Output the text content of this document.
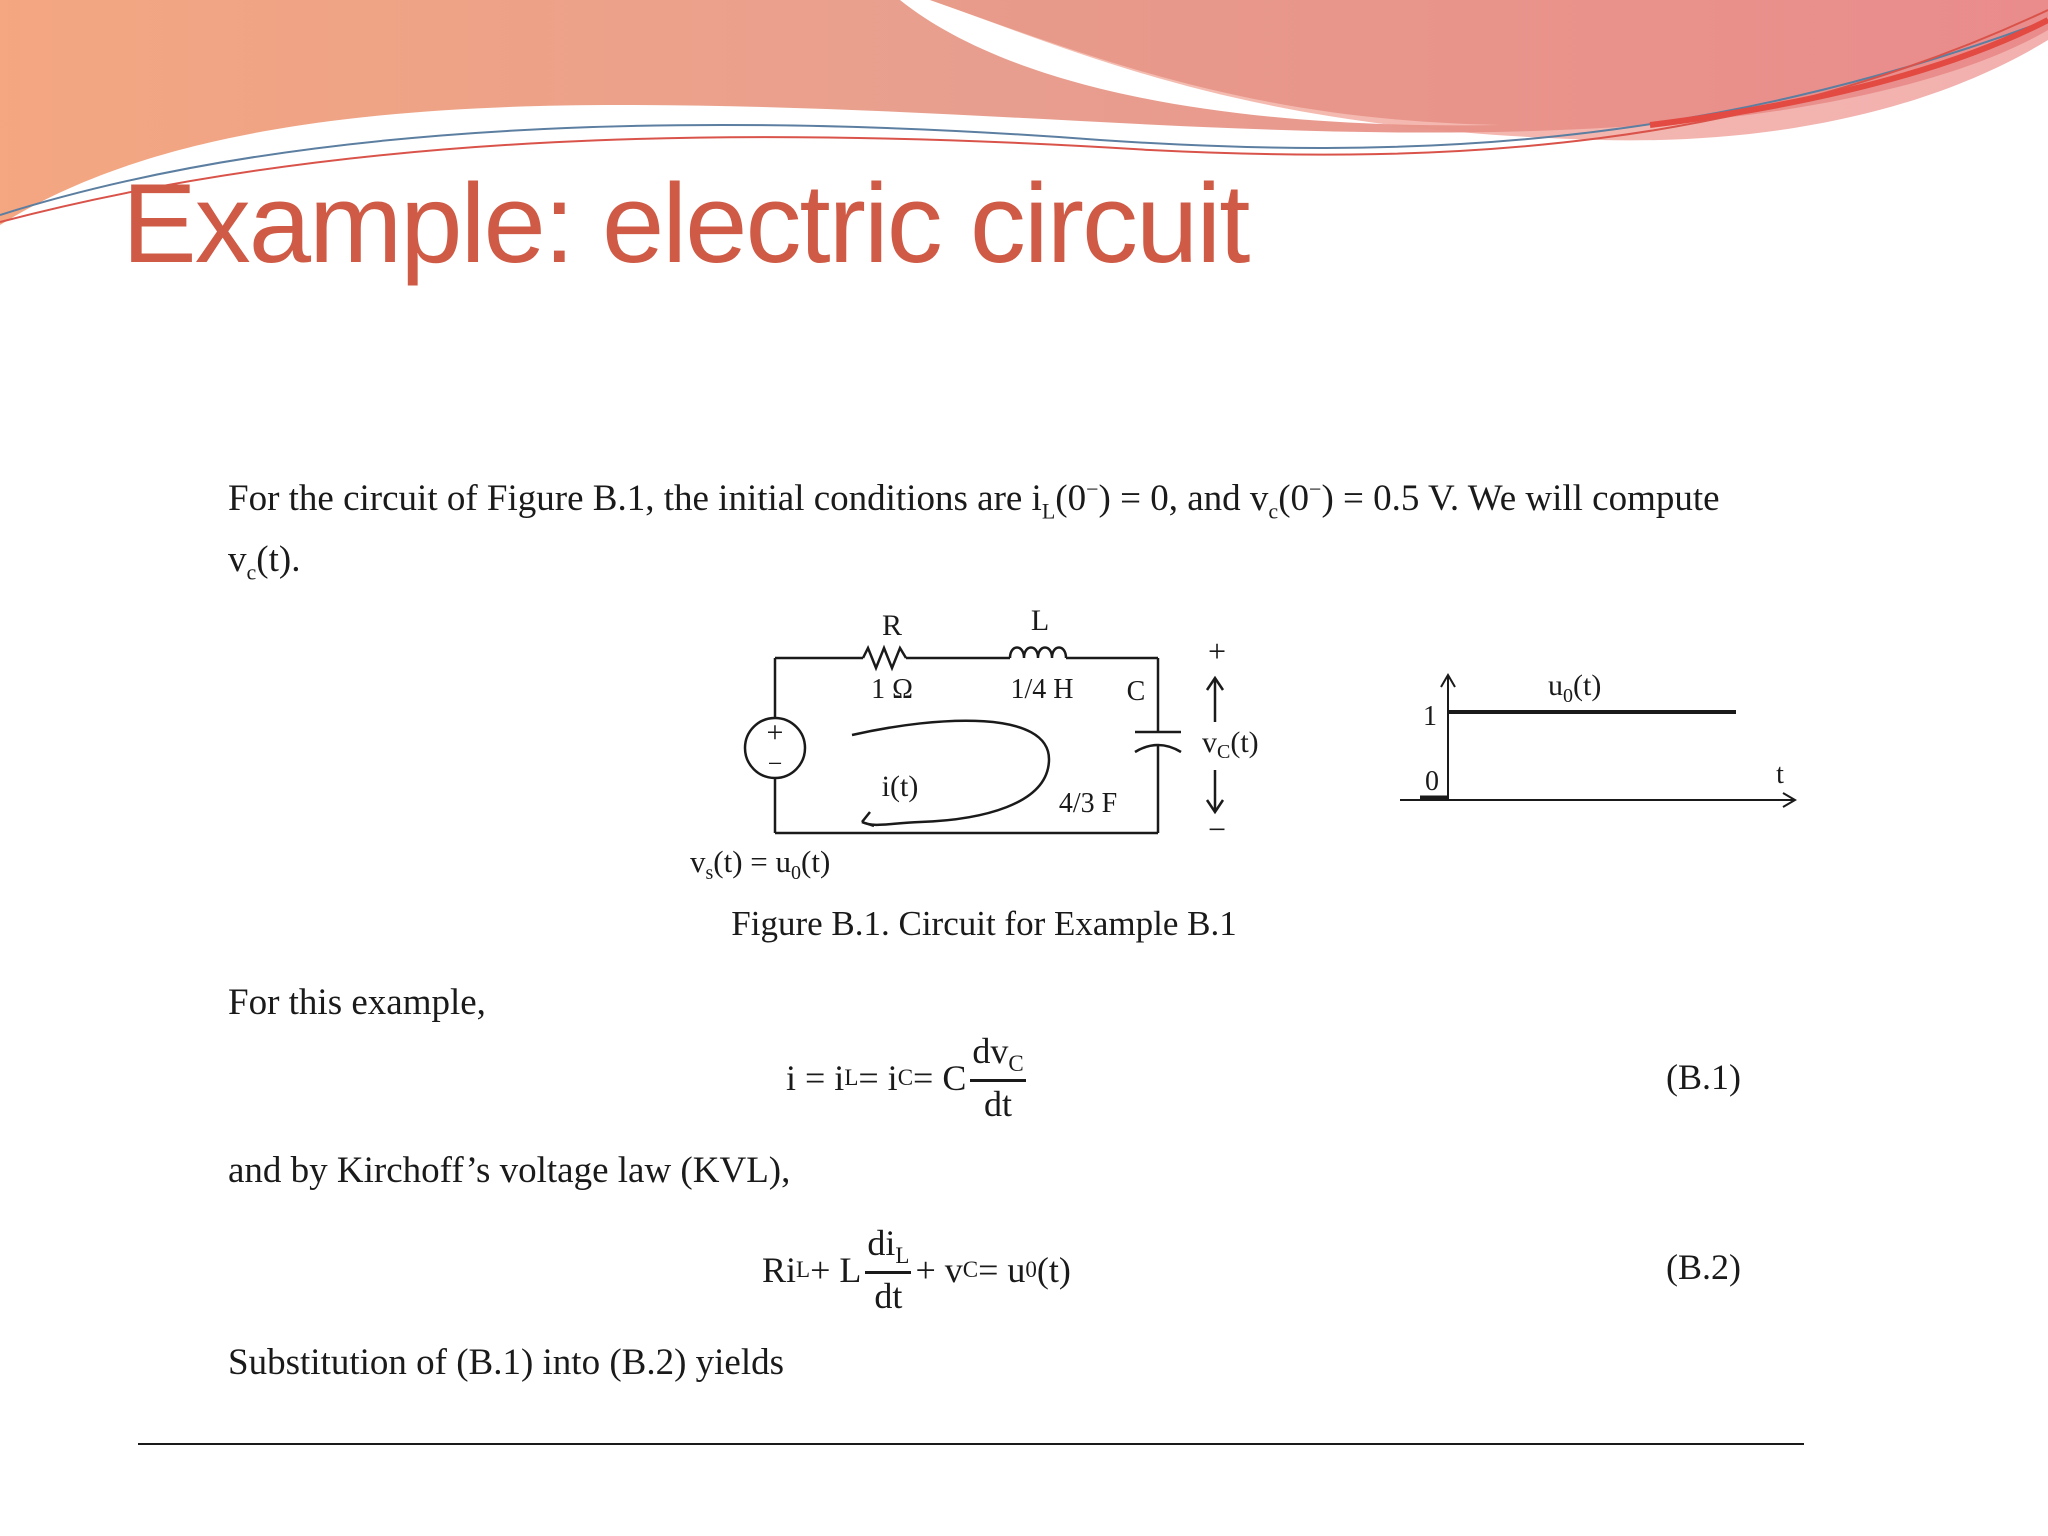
Example: electric circuit

For the circuit of Figure B.1, the initial conditions are $i_L(0^-) = 0$, and $v_c(0^-) = 0.5$ V. We will compute $v_c(t)$.

+
−
R
1 Ω
L
1/4 H C
4/3 F
i(t)
+
−
$v_C(t)$
$v_s(t) = u_0(t)$
1
0	t
$u_0(t)$
Figure B.1. Circuit for Example B.1

For this example,

i = i L = i C = C $\frac{dv_C}{dt}$	(B.1)

and by Kirchoff’s voltage law (KVL),

Ri L + L $\frac{di_L}{dt} + v$ C = u 0 (t)	(B.2)

Substitution of (B.1) into (B.2) yields
